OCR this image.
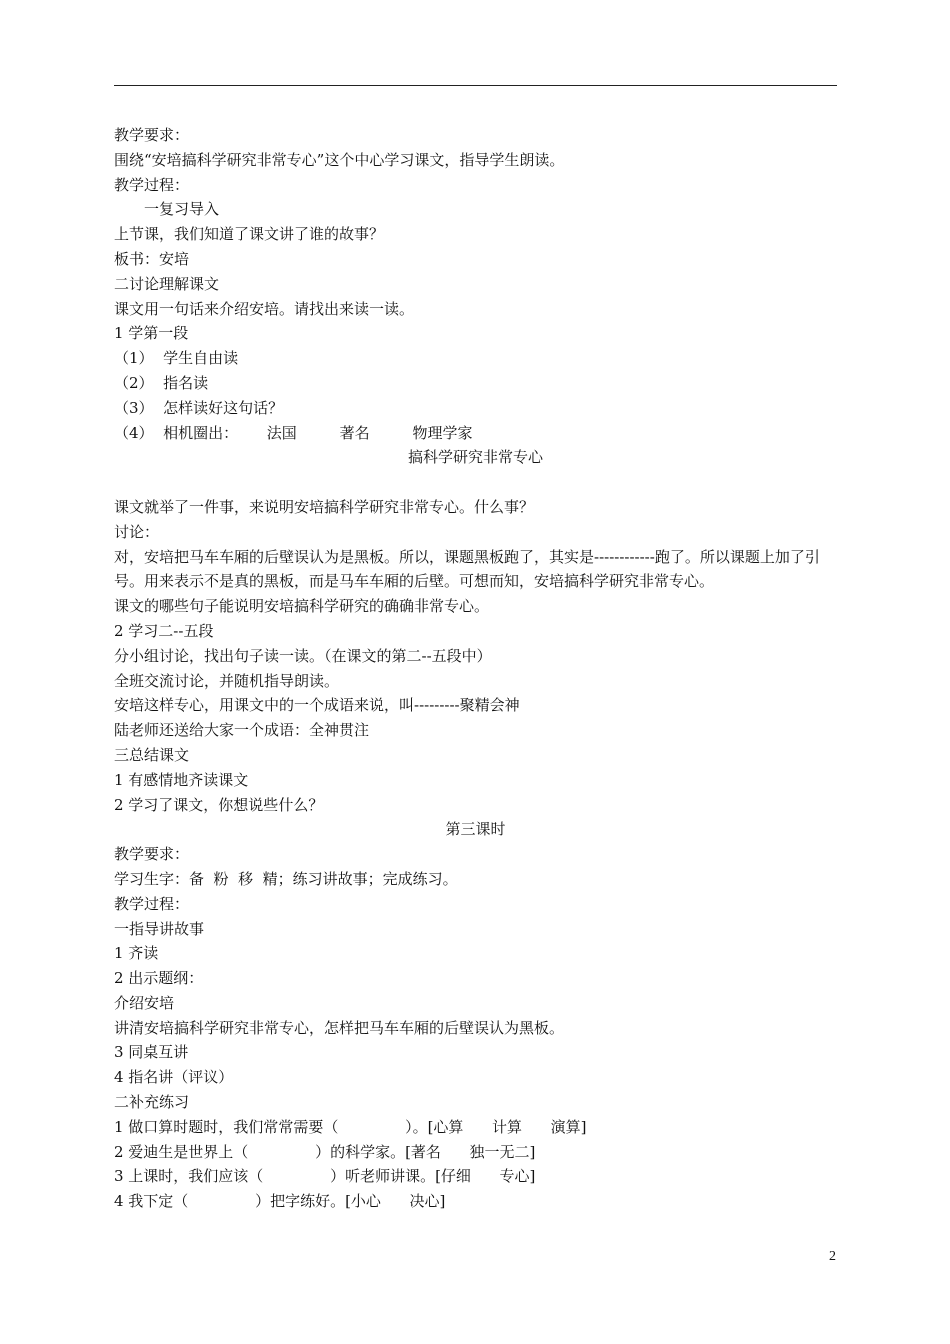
教学要求：
围绕“安培搞科学研究非常专心”这个中心学习课文，指导学生朗读。
教学过程：
一复习导入
上节课，我们知道了课文讲了谁的故事？
板书：安培
二讨论理解课文
课文用一句话来介绍安培。请找出来读一读。
1 学第一段
（1）  学生自由读
（2）  指名读
（3）  怎样读好这句话？
（4）  相机圈出：      法国         著名         物理学家
搞科学研究非常专心
课文就举了一件事，来说明安培搞科学研究非常专心。什么事？
讨论：
对，安培把马车车厢的后壁误认为是黑板。所以，课题黑板跑了，其实是------------跑了。所以课题上加了引号。用来表示不是真的黑板，而是马车车厢的后壁。可想而知，安培搞科学研究非常专心。
课文的哪些句子能说明安培搞科学研究的确确非常专心。
2 学习二--五段
分小组讨论，找出句子读一读。（在课文的第二--五段中）
全班交流讨论，并随机指导朗读。
安培这样专心，用课文中的一个成语来说，叫---------聚精会神
陆老师还送给大家一个成语：全神贯注
三总结课文
1 有感情地齐读课文
2 学习了课文，你想说些什么？
第三课时
教学要求：
学习生字：备  粉  移  精；练习讲故事；完成练习。
教学过程：
一指导讲故事
1 齐读
2 出示题纲：
介绍安培
讲清安培搞科学研究非常专心，怎样把马车车厢的后壁误认为黑板。
3 同桌互讲
4 指名讲（评议）
二补充练习
1 做口算时题时，我们常常需要（              ）。[心算      计算      演算]
2 爱迪生是世界上（              ）的科学家。[著名      独一无二]
3 上课时，我们应该（              ）听老师讲课。[仔细      专心]
4 我下定（              ）把字练好。[小心      决心]
2
